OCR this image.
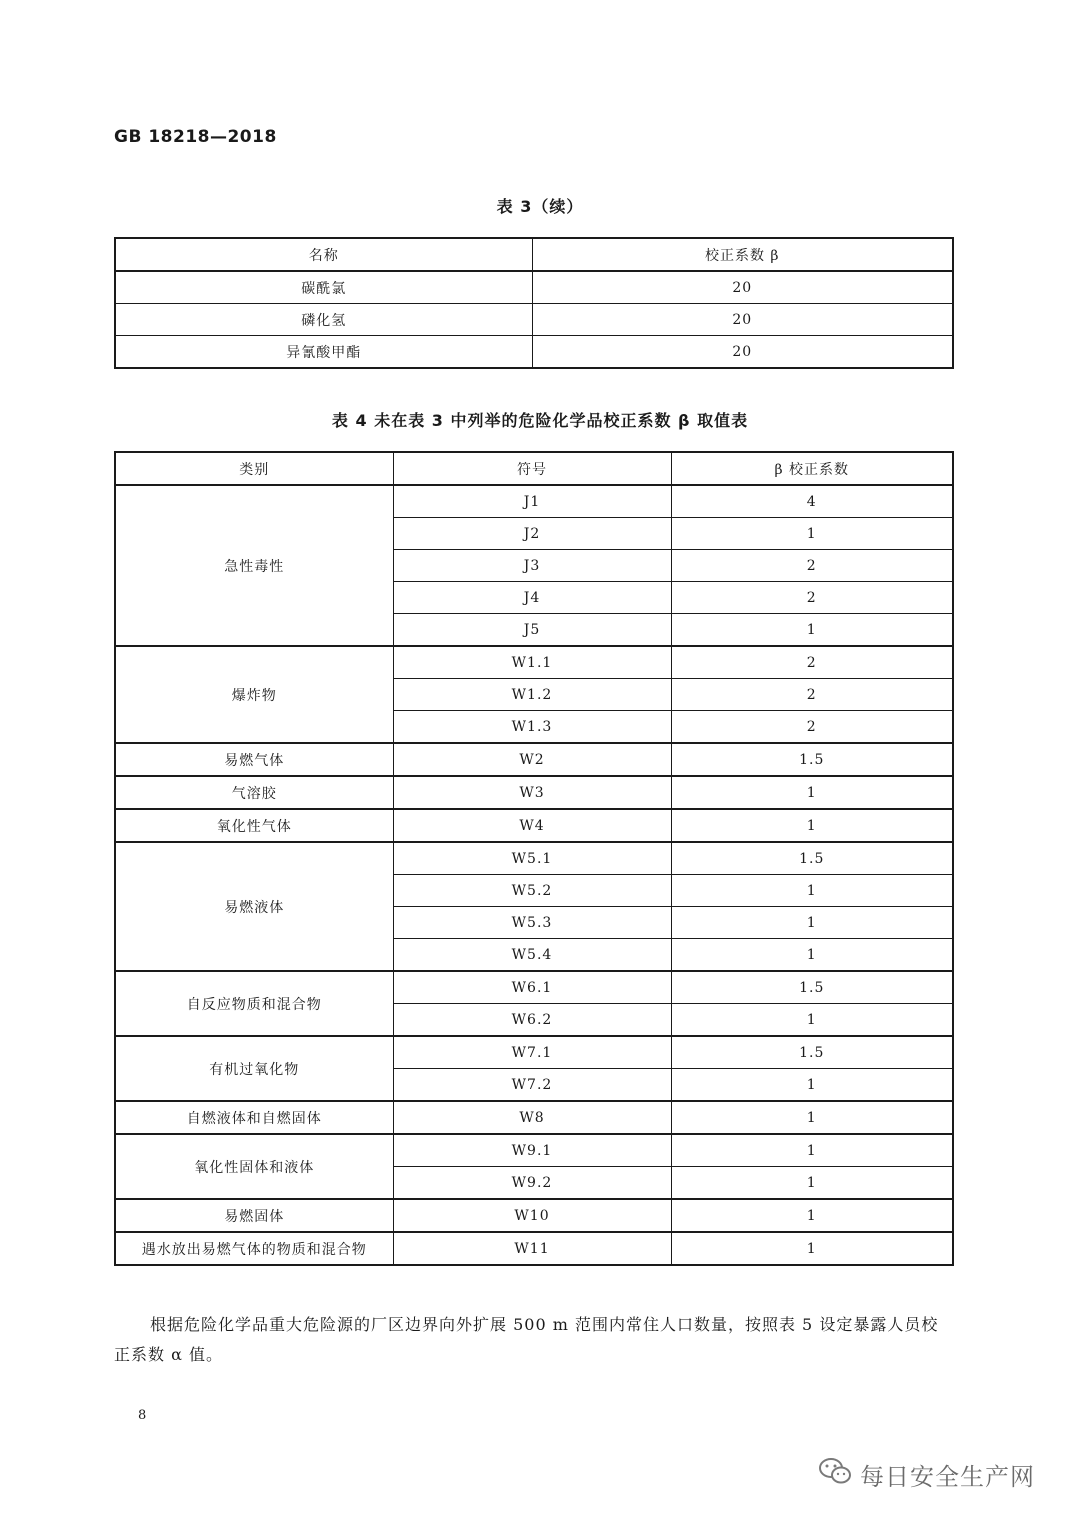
GB 18218—2018
表 3（续）
名称	校正系数 β
碳酰氯	20
磷化氢	20
异氰酸甲酯	20
表 4 未在表 3 中列举的危险化学品校正系数 β 取值表
类别	符号	β 校正系数
急性毒性	J1	4
	J2	1
	J3	2
	J4	2
	J5	1
爆炸物	W1.1	2
	W1.2	2
	W1.3	2
易燃气体	W2	1.5
气溶胶	W3	1
氧化性气体	W4	1
易燃液体	W5.1	1.5
	W5.2	1
	W5.3	1
	W5.4	1
自反应物质和混合物	W6.1	1.5
	W6.2	1
有机过氧化物	W7.1	1.5
	W7.2	1
自燃液体和自燃固体	W8	1
氧化性固体和液体	W9.1	1
	W9.2	1
易燃固体	W10	1
遇水放出易燃气体的物质和混合物	W11	1

根据危险化学品重大危险源的厂区边界向外扩展 500 m 范围内常住人口数量，按照表 5 设定暴露人员校正系数 α 值。

8
每日安全生产网
